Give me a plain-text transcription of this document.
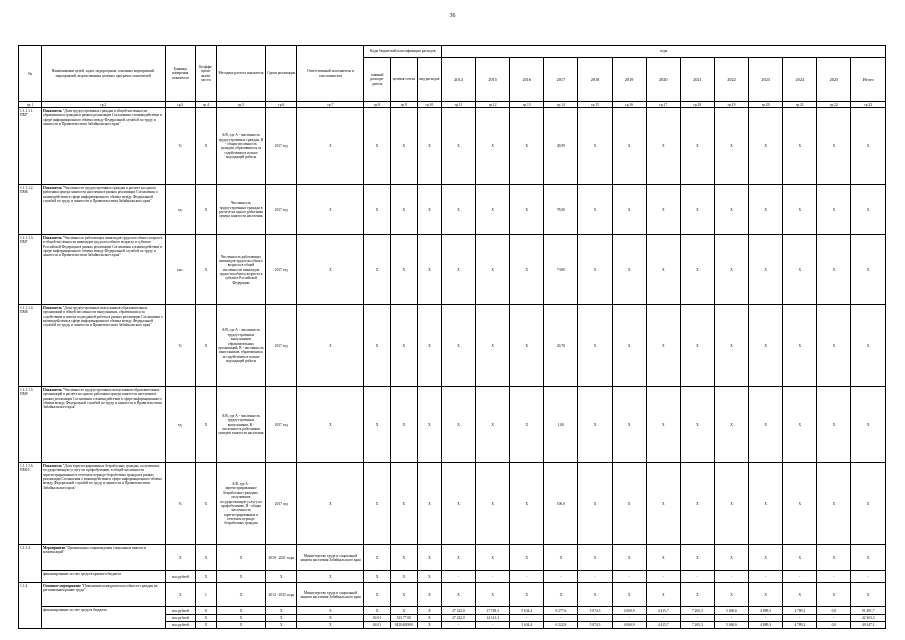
36
№	Наименование целей, задач, подпрограмм, основных мероприятий, мероприятий, ведомственных целевых программ, показателей	Единица измерения показателя	Коэффи-циент значи-мости	Методика расчета показателя	Сроки реализации	Ответственный исполнитель и соисполнители	Коды бюджетной классификации расходов			годы												
							главный распоря-дитель	целевая статья	вид расходов	2014	2015	2016	2017	2018	2019	2020	2021	2022	2023	2024	2025	Итого
гр.1	гр.2	гр.3	гр.4	гр.5	гр.6	гр.7	гр.8	гр.9	гр.10	гр.11	гр.12	гр.13	гр.14	гр.15	гр.16	гр.17	гр.18	гр.19	гр.20	гр.21	гр.22	гр.23
1.1.1.1.1. ПМ7	Показатель "Доля трудоустроенных граждан в общей численности обратившихся граждан в рамках реализации Соглашения о взаимодействии в сфере информационного обмена между Федеральной службой по труду и занятости и Правительством Забайкальского края"	%	X	A/B, где А - численность трудоустроенных граждан, В - общая численность граждан, обратившихся за содействием в поиске подходящей работы	2017 год	X	X	X	X	X	X	X	49,99	X	X	X	X	X	X	X	X	X
1.1.1.1.2. ПМ6	Показатель "Численность трудоустроенных граждан в расчете на одного работника центра занятости населения в рамках реализации Соглашения о взаимодействии в сфере информационного обмена между Федеральной службой по труду и занятости и Правительством Забайкальского края"	ед.	X	Численность трудоустроенных граждан в расчете на одного работника центра занятости населения	2017 год	X	X	X	X	X	X	X	78,00	X	X	X	X	X	X	X	X	X
1.1.1.1.3. ПМ7	Показатель "Численность работающих инвалидов трудоспособного возраста в общей численности инвалидов трудоспособного возраста в субъекте Российской Федерации в рамках реализации Соглашения о взаимодействии в сфере информационного обмена между Федеральной службой по труду и занятости и Правительством Забайкальского края"	тыс.	X	Численность работающих инвалидов трудоспособного возраста в общей численности инвалидов трудоспособного возраста в субъекте Российской Федерации	2017 год	X	X	X	X	X	X	X	7 600	X	X	X	X	X	X	X	X	X
1.1.1.1.4. ПМ8	Показатель "Доля трудоустроенных выпускников образовательных организаций в общей численности выпускников, обратившихся за содействием в поиске подходящей работы в рамках реализации Соглашения о взаимодействии в сфере информационного обмена между Федеральной службой по труду и занятости и Правительством Забайкальского края"	%	X	A/B, где А - численность трудоустроенных выпускников образовательных организаций, В - численность выпускников, обратившихся за содействием в поиске подходящей работы	2017 год	X	X	X	X	X	X	X	20,70	X	X	X	X	X	X	X	X	X
1.1.1.1.5. ПМ9	Показатель "Численность трудоустроенных выпускников образовательных организаций в расчете на одного работника центра занятости населения в рамках реализации Соглашения о взаимодействии в сфере информационного обмена между Федеральной службой по труду и занятости и Правительством Забайкальского края"	ед.	X	A/B, где А - численность трудоустроенных выпускников, В - численность работников центров занятости населения	2017 год	X	X	X	X	X	X	X	1,00	X	X	X	X	X	X	X	X	X
1.1.1.1.6. ПМ10	Показатель "Доля зарегистрированных безработных граждан, получивших государственную услугу по профобучению, в общей численности зарегистрированных в отчетном периоде безработных граждан в рамках реализации Соглашения о взаимодействии в сфере информационного обмена между Федеральной службой по труду и занятости и Правительством Забайкальского края"	%	X	A/B, где А - зарегистрированные безработные граждане, получившие государственную услугу по профобучению, В - общая численность зарегистрированных в отчетном периоде безработных граждан	2017 год	X	X	X	X	X	X	X	100,0	X	X	X	X	X	X	X	X	X
1.1.3.4.	Мероприятие "Организация сопровождения социальных выплат и компенсаций"	X	X	X	2019 - 2021 годы	Министерство труда и социальной защиты населения Забайкальского края	X	X	X	X	X	X	X	X	X	X	X	X	X	X	X	X
	финансирование за счет средств краевого бюджета	тыс.рублей	X	X	X	X	X	X	X	-	-	-	-	-	-	-	-	-	-	-	-	-
1.1.4.	Основное мероприятие "Повышение конкурентоспособности граждан на региональном рынке труда"	X	1	X	2014 - 2025 годы	Министерство труда и социальной защиты населения Забайкальского края	X	X	X	X	X	X	X	X	X	X	X	X	X	X	X	X
	финансирование за счет средств бюджета	тыс.рублей	X	X	X	X	X	X	X	27 222,0	17 728,3	5 634,4	8 277,6	5 074,3	4 060,9	4 415,7	7 265,3	5 460,6	4 889,3	4 789,2	0,0	91 491,7
		тыс.рублей	X	X	X	X	04 01	523 77 00	X	27 222,0	14 141,3	-	-	-	-	-	-	-	-	-	-	42 363,3
		тыс.рублей	X	X	X	X	04 01	0410402900	X	-	-	5 634,4	6 222,8	5 074,3	4 060,9	4 415,7	7 265,3	5 460,6	4 889,3	4 789,2	0,0	49 347,1
